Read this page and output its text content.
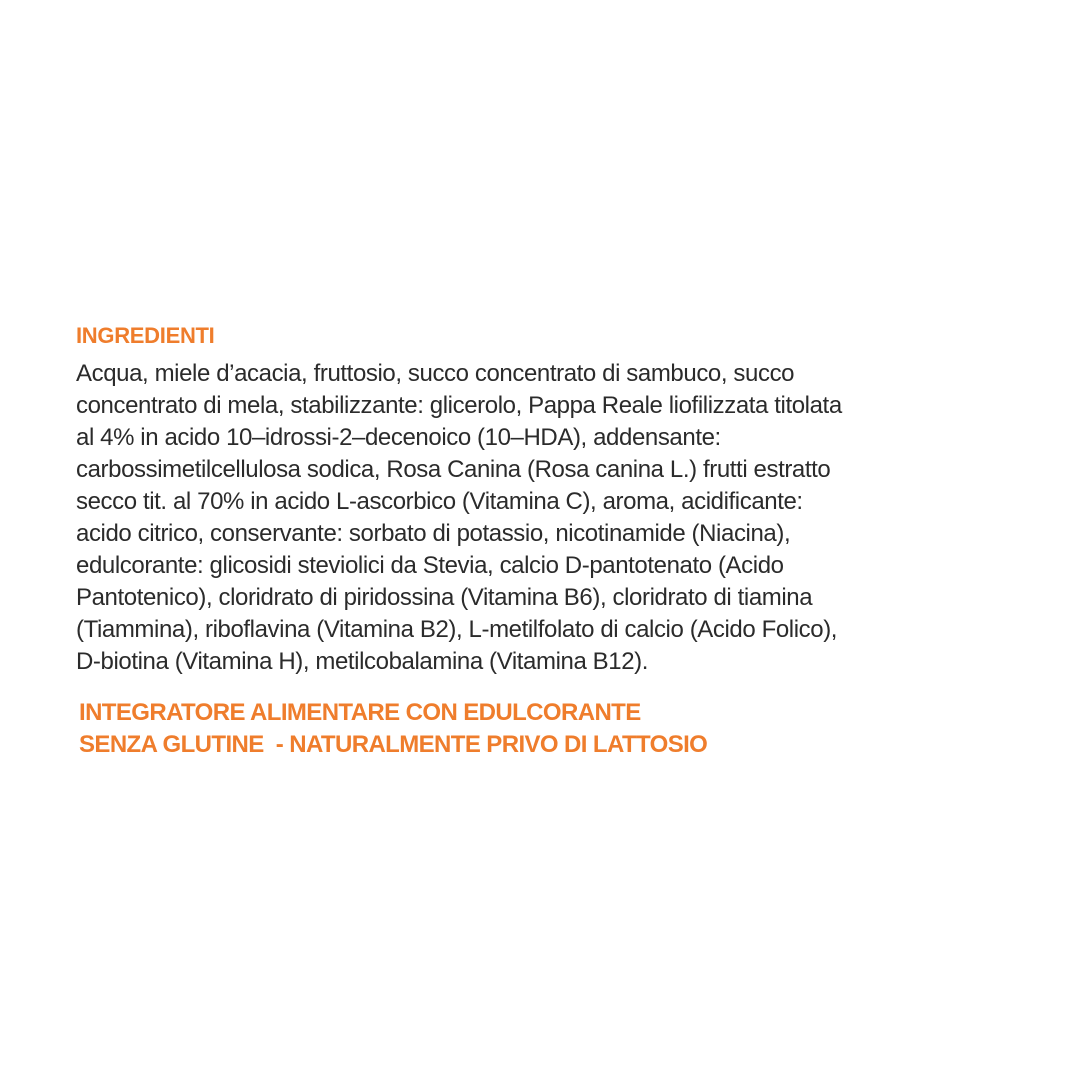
INGREDIENTI

Acqua, miele d’acacia, fruttosio, succo concentrato di sambuco, succo
concentrato di mela, stabilizzante: glicerolo, Pappa Reale liofilizzata titolata
al 4% in acido 10–idrossi-2–decenoico (10–HDA), addensante:
carbossimetilcellulosa sodica, Rosa Canina (Rosa canina L.) frutti estratto
secco tit. al 70% in acido L-ascorbico (Vitamina C), aroma, acidificante:
acido citrico, conservante: sorbato di potassio, nicotinamide (Niacina),
edulcorante: glicosidi steviolici da Stevia, calcio D-pantotenato (Acido
Pantotenico), cloridrato di piridossina (Vitamina B6), cloridrato di tiamina
(Tiammina), riboflavina (Vitamina B2), L-metilfolato di calcio (Acido Folico),
D-biotina (Vitamina H), metilcobalamina (Vitamina B12).

INTEGRATORE ALIMENTARE CON EDULCORANTE
SENZA GLUTINE  - NATURALMENTE PRIVO DI LATTOSIO
